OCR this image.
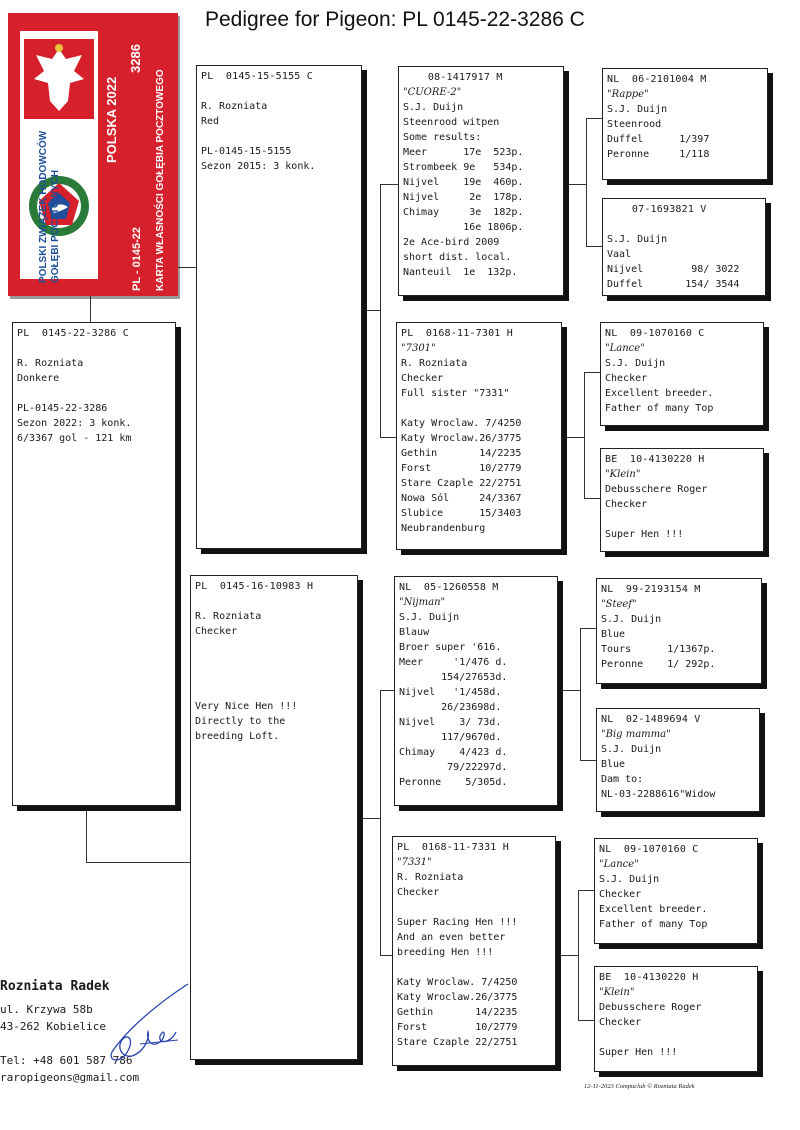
Pedigree for Pigeon: PL 0145-22-3286 C
POLSKI ZWIĄZEK HODOWCÓW GOŁĘBI POCZTOWYCH
POLSKA 2022
3286
PL - 0145-22 KARTA WŁASNOŚCI GOŁĘBIA POCZTOWEGO
PL  0145-22-3286 C
R. Rozniata
Donkere
PL-0145-22-3286
Sezon 2022: 3 konk.
6/3367 gol - 121 km
PL  0145-15-5155 C
R. Rozniata
Red
PL-0145-15-5155
Sezon 2015: 3 konk.
PL  0145-16-10983 H
R. Rozniata
Checker
Very Nice Hen !!!
Directly to the
breeding Loft.
08-1417917 M
"CUORE-2"
S.J. Duijn
Steenrood witpen
Some results:
Meer      17e  523p.
Strombeek 9e   534p.
Nijvel    19e  460p.
Nijvel     2e  178p.
Chimay     3e  182p.
16e 1806p.
2e Ace-bird 2009
short dist. local.
Nanteuil  1e  132p.
PL  0168-11-7301 H
"7301"
R. Rozniata
Checker
Full sister "7331"
Katy Wroclaw. 7/4250
Katy Wroclaw.26/3775
Gethin       14/2235
Forst        10/2779
Stare Czaple 22/2751
Nowa Sól     24/3367
Slubice      15/3403
Neubrandenburg
NL  05-1260558 M
"Nijman"
S.J. Duijn
Blauw
Broer super '616.
Meer     '1/476 d.
154/27653d.
Nijvel   '1/458d.
26/23698d.
Nijvel    3/ 73d.
117/9670d.
Chimay    4/423 d.
79/22297d.
Peronne    5/305d.
PL  0168-11-7331 H
"7331"
R. Rozniata
Checker
Super Racing Hen !!!
And an even better
breeding Hen !!!
Katy Wroclaw. 7/4250
Katy Wroclaw.26/3775
Gethin       14/2235
Forst        10/2779
Stare Czaple 22/2751
NL  06-2101004 M
"Rappe"
S.J. Duijn
Steenrood
Duffel      1/397
Peronne     1/118
07-1693821 V
S.J. Duijn
Vaal
Nijvel        98/ 3022
Duffel       154/ 3544
NL  09-1070160 C
"Lance"
S.J. Duijn
Checker
Excellent breeder.
Father of many Top
BE  10-4130220 H
"Klein"
Debusschere Roger
Checker
Super Hen !!!
NL  99-2193154 M
"Steef"
S.J. Duijn
Blue
Tours      1/1367p.
Peronne    1/ 292p.
NL  02-1489694 V
"Big mamma"
S.J. Duijn
Blue
Dam to:
NL-03-2288616"Widow
NL  09-1070160 C
"Lance"
S.J. Duijn
Checker
Excellent breeder.
Father of many Top
BE  10-4130220 H
"Klein"
Debusschere Roger
Checker
Super Hen !!!
Rozniata Radek
ul. Krzywa 58b
43-262 Kobielice
Tel: +48 601 587 786
raropigeons@gmail.com
12-11-2023 Compuclub © Rozniata Radek
